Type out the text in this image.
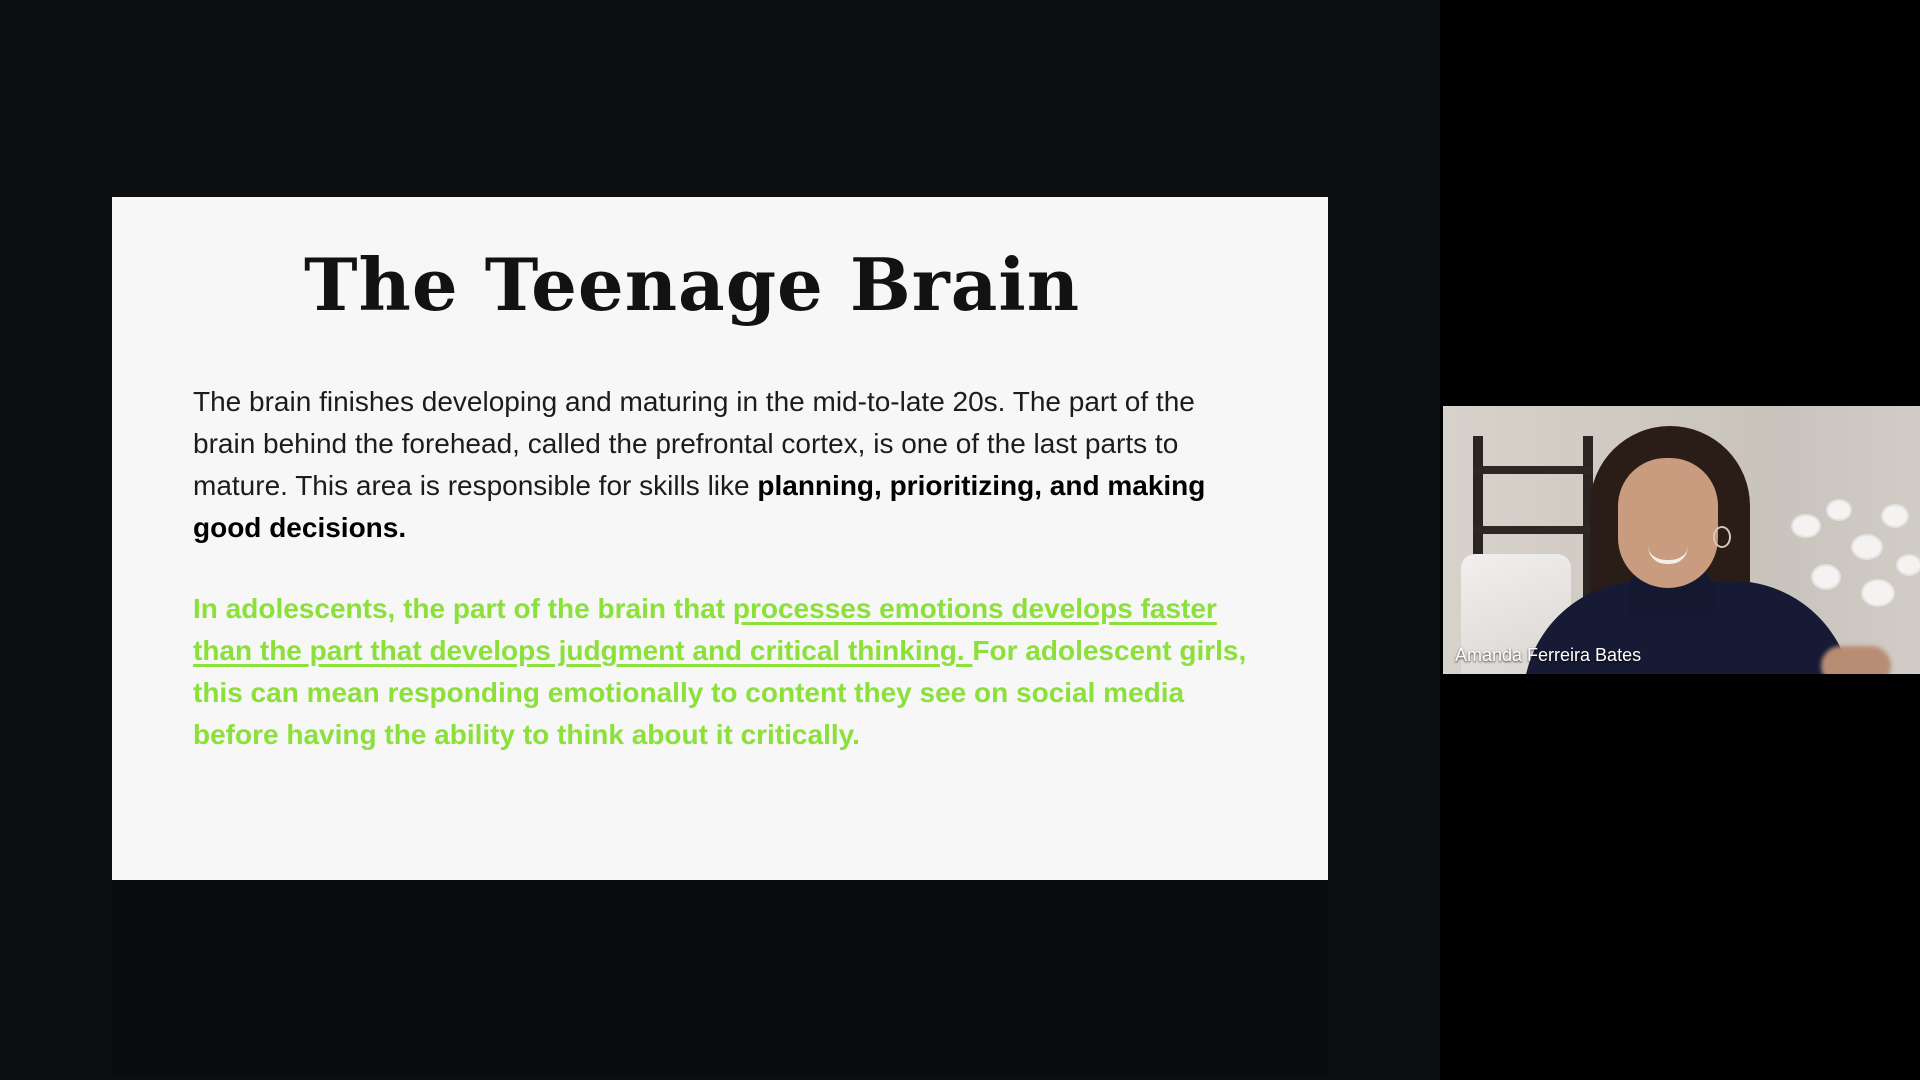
The Teenage Brain

The brain finishes developing and maturing in the mid-to-late 20s. The part of the brain behind the forehead, called the prefrontal cortex, is one of the last parts to mature. This area is responsible for skills like planning, prioritizing, and making good decisions.

In adolescents, the part of the brain that processes emotions develops faster than the part that develops judgment and critical thinking. For adolescent girls, this can mean responding emotionally to content they see on social media before having the ability to think about it critically.

Amanda Ferreira Bates
